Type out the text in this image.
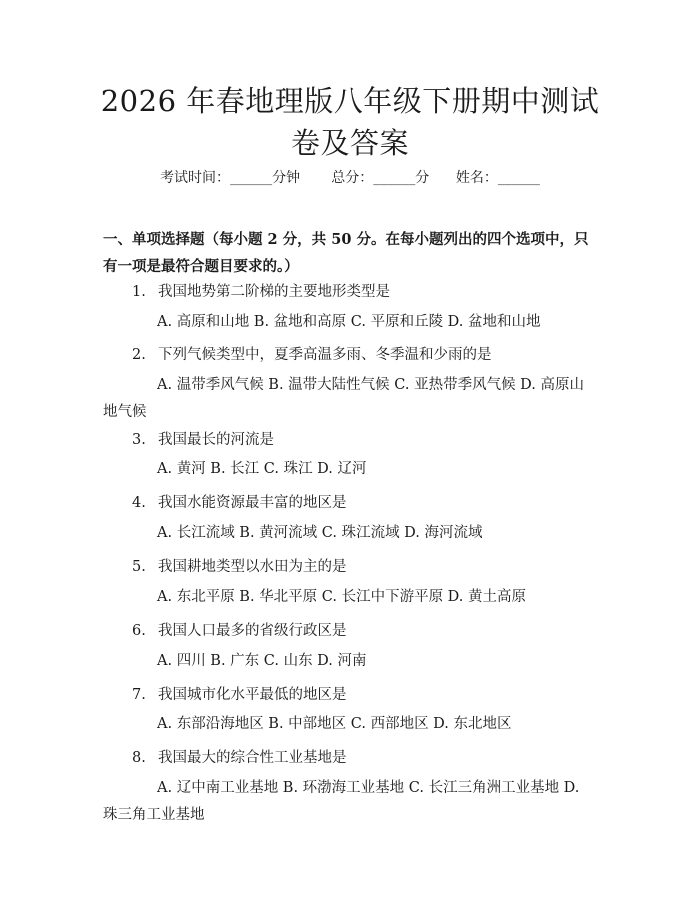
2026 年春地理版八年级下册期中测试卷及答案
考试时间：______分钟 总分：______分 姓名：______
一、单项选择题（每小题 2 分，共 50 分。在每小题列出的四个选项中，只有一项是最符合题目要求的。）
1. 我国地势第二阶梯的主要地形类型是
A. 高原和山地 B. 盆地和高原 C. 平原和丘陵 D. 盆地和山地
2. 下列气候类型中，夏季高温多雨、冬季温和少雨的是
A. 温带季风气候 B. 温带大陆性气候 C. 亚热带季风气候 D. 高原山地气候
3. 我国最长的河流是
A. 黄河 B. 长江 C. 珠江 D. 辽河
4. 我国水能资源最丰富的地区是
A. 长江流域 B. 黄河流域 C. 珠江流域 D. 海河流域
5. 我国耕地类型以水田为主的是
A. 东北平原 B. 华北平原 C. 长江中下游平原 D. 黄土高原
6. 我国人口最多的省级行政区是
A. 四川 B. 广东 C. 山东 D. 河南
7. 我国城市化水平最低的地区是
A. 东部沿海地区 B. 中部地区 C. 西部地区 D. 东北地区
8. 我国最大的综合性工业基地是
A. 辽中南工业基地 B. 环渤海工业基地 C. 长江三角洲工业基地 D. 珠三角工业基地
